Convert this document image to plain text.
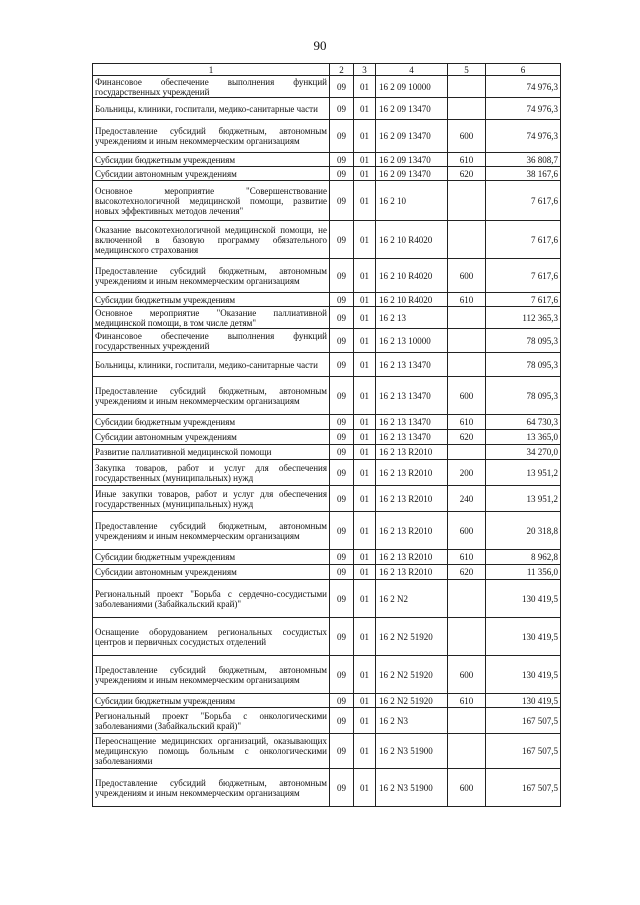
90
1	2	3	4	5	6
Финансовое обеспечение выполнения функций государственных учреждений	09	01	16 2 09 10000		74 976,3
Больницы, клиники, госпитали, медико-санитарные части	09	01	16 2 09 13470		74 976,3
Предоставление субсидий бюджетным, автономным учреждениям и иным некоммерческим организациям	09	01	16 2 09 13470	600	74 976,3
Субсидии бюджетным учреждениям	09	01	16 2 09 13470	610	36 808,7
Субсидии автономным учреждениям	09	01	16 2 09 13470	620	38 167,6
Основное мероприятие "Совершенствование высокотехнологичной медицинской помощи, развитие новых эффективных методов лечения"	09	01	16 2 10		7 617,6
Оказание высокотехнологичной медицинской помощи, не включенной в базовую программу обязательного медицинского страхования	09	01	16 2 10 R4020		7 617,6
Предоставление субсидий бюджетным, автономным учреждениям и иным некоммерческим организациям	09	01	16 2 10 R4020	600	7 617,6
Субсидии бюджетным учреждениям	09	01	16 2 10 R4020	610	7 617,6
Основное мероприятие "Оказание паллиативной медицинской помощи, в том числе детям"	09	01	16 2 13		112 365,3
Финансовое обеспечение выполнения функций государственных учреждений	09	01	16 2 13 10000		78 095,3
Больницы, клиники, госпитали, медико-санитарные части	09	01	16 2 13 13470		78 095,3
Предоставление субсидий бюджетным, автономным учреждениям и иным некоммерческим организациям	09	01	16 2 13 13470	600	78 095,3
Субсидии бюджетным учреждениям	09	01	16 2 13 13470	610	64 730,3
Субсидии автономным учреждениям	09	01	16 2 13 13470	620	13 365,0
Развитие паллиативной медицинской помощи	09	01	16 2 13 R2010		34 270,0
Закупка товаров, работ и услуг для обеспечения государственных (муниципальных) нужд	09	01	16 2 13 R2010	200	13 951,2
Иные закупки товаров, работ и услуг для обеспечения государственных (муниципальных) нужд	09	01	16 2 13 R2010	240	13 951,2
Предоставление субсидий бюджетным, автономным учреждениям и иным некоммерческим организациям	09	01	16 2 13 R2010	600	20 318,8
Субсидии бюджетным учреждениям	09	01	16 2 13 R2010	610	8 962,8
Субсидии автономным учреждениям	09	01	16 2 13 R2010	620	11 356,0
Региональный проект "Борьба с сердечно-сосудистыми заболеваниями (Забайкальский край)"	09	01	16 2 N2		130 419,5
Оснащение оборудованием региональных сосудистых центров и первичных сосудистых отделений	09	01	16 2 N2 51920		130 419,5
Предоставление субсидий бюджетным, автономным учреждениям и иным некоммерческим организациям	09	01	16 2 N2 51920	600	130 419,5
Субсидии бюджетным учреждениям	09	01	16 2 N2 51920	610	130 419,5
Региональный проект "Борьба с онкологическими заболеваниями (Забайкальский край)"	09	01	16 2 N3		167 507,5
Переоснащение медицинских организаций, оказывающих медицинскую помощь больным с онкологическими заболеваниями	09	01	16 2 N3 51900		167 507,5
Предоставление субсидий бюджетным, автономным учреждениям и иным некоммерческим организациям	09	01	16 2 N3 51900	600	167 507,5
